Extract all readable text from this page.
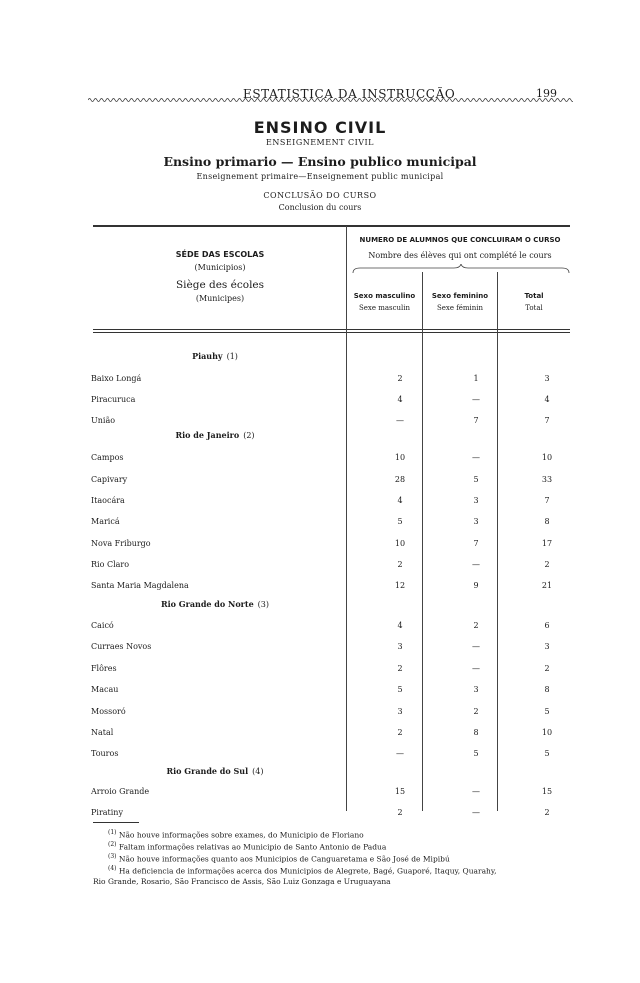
ESTATISTICA DA INSTRUCÇÃO	199
ENSINO CIVIL
ENSEIGNEMENT CIVIL
Ensino primario — Ensino publico municipal
Enseignement primaire—Enseignement public municipal
CONCLUSÃO DO CURSO
Conclusion du cours
SÉDE DAS ESCOLAS
(Municipios)
Siège des écoles
(Municipes)
NUMERO DE ALUMNOS QUE CONCLUIRAM O CURSO
Nombre des élèves qui ont complété le cours
Sexo masculino
Sexe masculin
Sexo feminino
Sexe féminin
Total
Total
Piauhy (1)
Baixo Longá	2	1	3
Piracuruca	4	—	4
União	—	7	7
Rio de Janeiro (2)
Campos	10	—	10
Capivary	28	5	33
Itaocára	4	3	7
Maricá	5	3	8
Nova Friburgo	10	7	17
Rio Claro	2	—	2
Santa Maria Magdalena	12	9	21
Rio Grande do Norte (3)
Caicó	4	2	6
Curraes Novos	3	—	3
Flôres	2	—	2
Macau	5	3	8
Mossoró	3	2	5
Natal	2	8	10
Touros	—	5	5
Rio Grande do Sul (4)
Arroio Grande	15	—	15
Piratiny	2	—	2
$^{(1)}$ Não houve informações sobre exames, do Municipio de Floriano
$^{(2)}$ Faltam informações relativas ao Municipio de Santo Antonio de Padua
$^{(3)}$ Não houve informações quanto aos Municipios de Canguaretama e São José de Mipibú
$^{(4)}$ Ha deficiencia de informações acerca dos Municipios de Alegrete, Bagé, Guaporé, Itaquy, Quarahy,
Rio Grande, Rosario, São Francisco de Assis, São Luiz Gonzaga e Uruguayana
